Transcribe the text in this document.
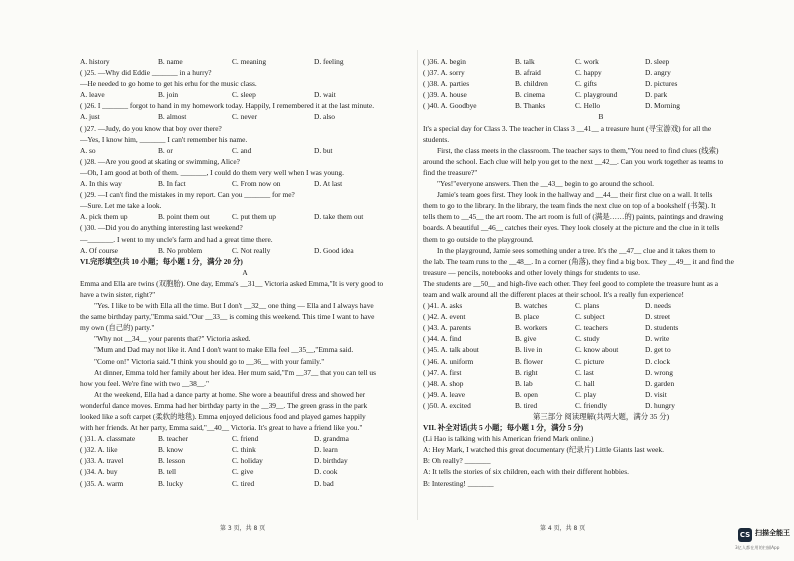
A. history	B. name	C. meaning	D. feeling
( )25. —Why did Eddie _______ in a hurry?
—He needed to go home to get his erhu for the music class.
A. leave	B. join	C. sleep	D. wait
( )26. I _______ forgot to hand in my homework today. Happily, I remembered it at the last minute.
A. just	B. almost	C. never	D. also
( )27. —Judy, do you know that boy over there?
—Yes, I know him, _______ I can't remember his name.
A. so	B. or	C. and	D. but
( )28. —Are you good at skating or swimming, Alice?
—Oh, I am good at both of them. _______, I could do them very well when I was young.
A. In this way	B. In fact	C. From now on	D. At last
( )29. —I can't find the mistakes in my report. Can you _______ for me?
—Sure. Let me take a look.
A. pick them up	B. point them out	C. put them up	D. take them out
( )30. —Did you do anything interesting last weekend?
—_______. I went to my uncle's farm and had a great time there.
A. Of course	B. No problem	C. Not really	D. Good idea
VI.完形填空(共 10 小题；每小题 1 分，满分 20 分)
A
Emma and Ella are twins (双胞胎). One day, Emma's __31__ Victoria asked Emma,"It is very good to
have a twin sister, right?"
"Yes. I like to be with Ella all the time. But I don't __32__ one thing — Ella and I always have
the same birthday party,"Emma said."Our __33__ is coming this weekend. This time I want to have
my own (自己的) party."
"Why not __34__ your parents that?" Victoria asked.
"Mum and Dad may not like it. And I don't want to make Ella feel __35__,"Emma said.
"Come on!" Victoria said."I think you should go to __36__ with your family."
At dinner, Emma told her family about her idea. Her mum said,"I'm __37__ that you can tell us
how you feel. We're fine with two __38__."
At the weekend, Ella had a dance party at home. She wore a beautiful dress and showed her
wonderful dance moves. Emma had her birthday party in the __39__. The green grass in the park
looked like a soft carpet (柔软的地毯). Emma enjoyed delicious food and played games happily
with her friends. At her party, Emma said,"__40__ Victoria. It's great to have a friend like you."
( )31. A. classmate	B. teacher	C. friend	D. grandma
( )32. A. like	B. know	C. think	D. learn
( )33. A. travel	B. lesson	C. holiday	D. birthday
( )34. A. buy	B. tell	C. give	D. cook
( )35. A. warm	B. lucky	C. tired	D. bad
( )36. A. begin	B. talk	C. work	D. sleep
( )37. A. sorry	B. afraid	C. happy	D. angry
( )38. A. parties	B. children	C. gifts	D. pictures
( )39. A. house	B. cinema	C. playground	D. park
( )40. A. Goodbye	B. Thanks	C. Hello	D. Morning
B
It's a special day for Class 3. The teacher in Class 3 __41__ a treasure hunt (寻宝游戏) for all the
students.
First, the class meets in the classroom. The teacher says to them,"You need to find clues (线索)
around the school. Each clue will help you get to the next __42__. Can you work together as teams to
find the treasure?"
"Yes!"everyone answers. Then the __43__ begin to go around the school.
Jamie's team goes first. They look in the hallway and __44__ their first clue on a wall. It tells
them to go to the library. In the library, the team finds the next clue on top of a bookshelf (书架). It
tells them to __45__ the art room. The art room is full of (满是……的) paints, paintings and drawing
boards. A beautiful __46__ catches their eyes. They look closely at the picture and the clue in it tells
them to go outside to the playground.
In the playground, Jamie sees something under a tree. It's the __47__ clue and it takes them to
the lab. The team runs to the __48__. In a corner (角落), they find a big box. They __49__ it and find the
treasure — pencils, notebooks and other lovely things for students to use.
The students are __50__ and high-five each other. They feel good to complete the treasure hunt as a
team and walk around all the different places at their school. It's a really fun experience!
( )41. A. asks	B. watches	C. plans	D. needs
( )42. A. event	B. place	C. subject	D. street
( )43. A. parents	B. workers	C. teachers	D. students
( )44. A. find	B. give	C. study	D. write
( )45. A. talk about	B. live in	C. know about	D. get to
( )46. A. uniform	B. flower	C. picture	D. clock
( )47. A. first	B. right	C. last	D. wrong
( )48. A. shop	B. lab	C. hall	D. garden
( )49. A. leave	B. open	C. play	D. visit
( )50. A. excited	B. tired	C. friendly	D. hungry
第三部分 阅读理解(共两大题，满分 35 分)
VII. 补全对话(共 5 小题；每小题 1 分，满分 5 分)
(Li Hao is talking with his American friend Mark online.)
A: Hey Mark, I watched this great documentary (纪录片) Little Giants last week.
B: Oh really? _______
A: It tells the stories of six children, each with their different hobbies.
B: Interesting! _______
第 3 页，共 8 页	第 4 页，共 8 页
CS 扫描全能王
3亿人都在用的扫描App
